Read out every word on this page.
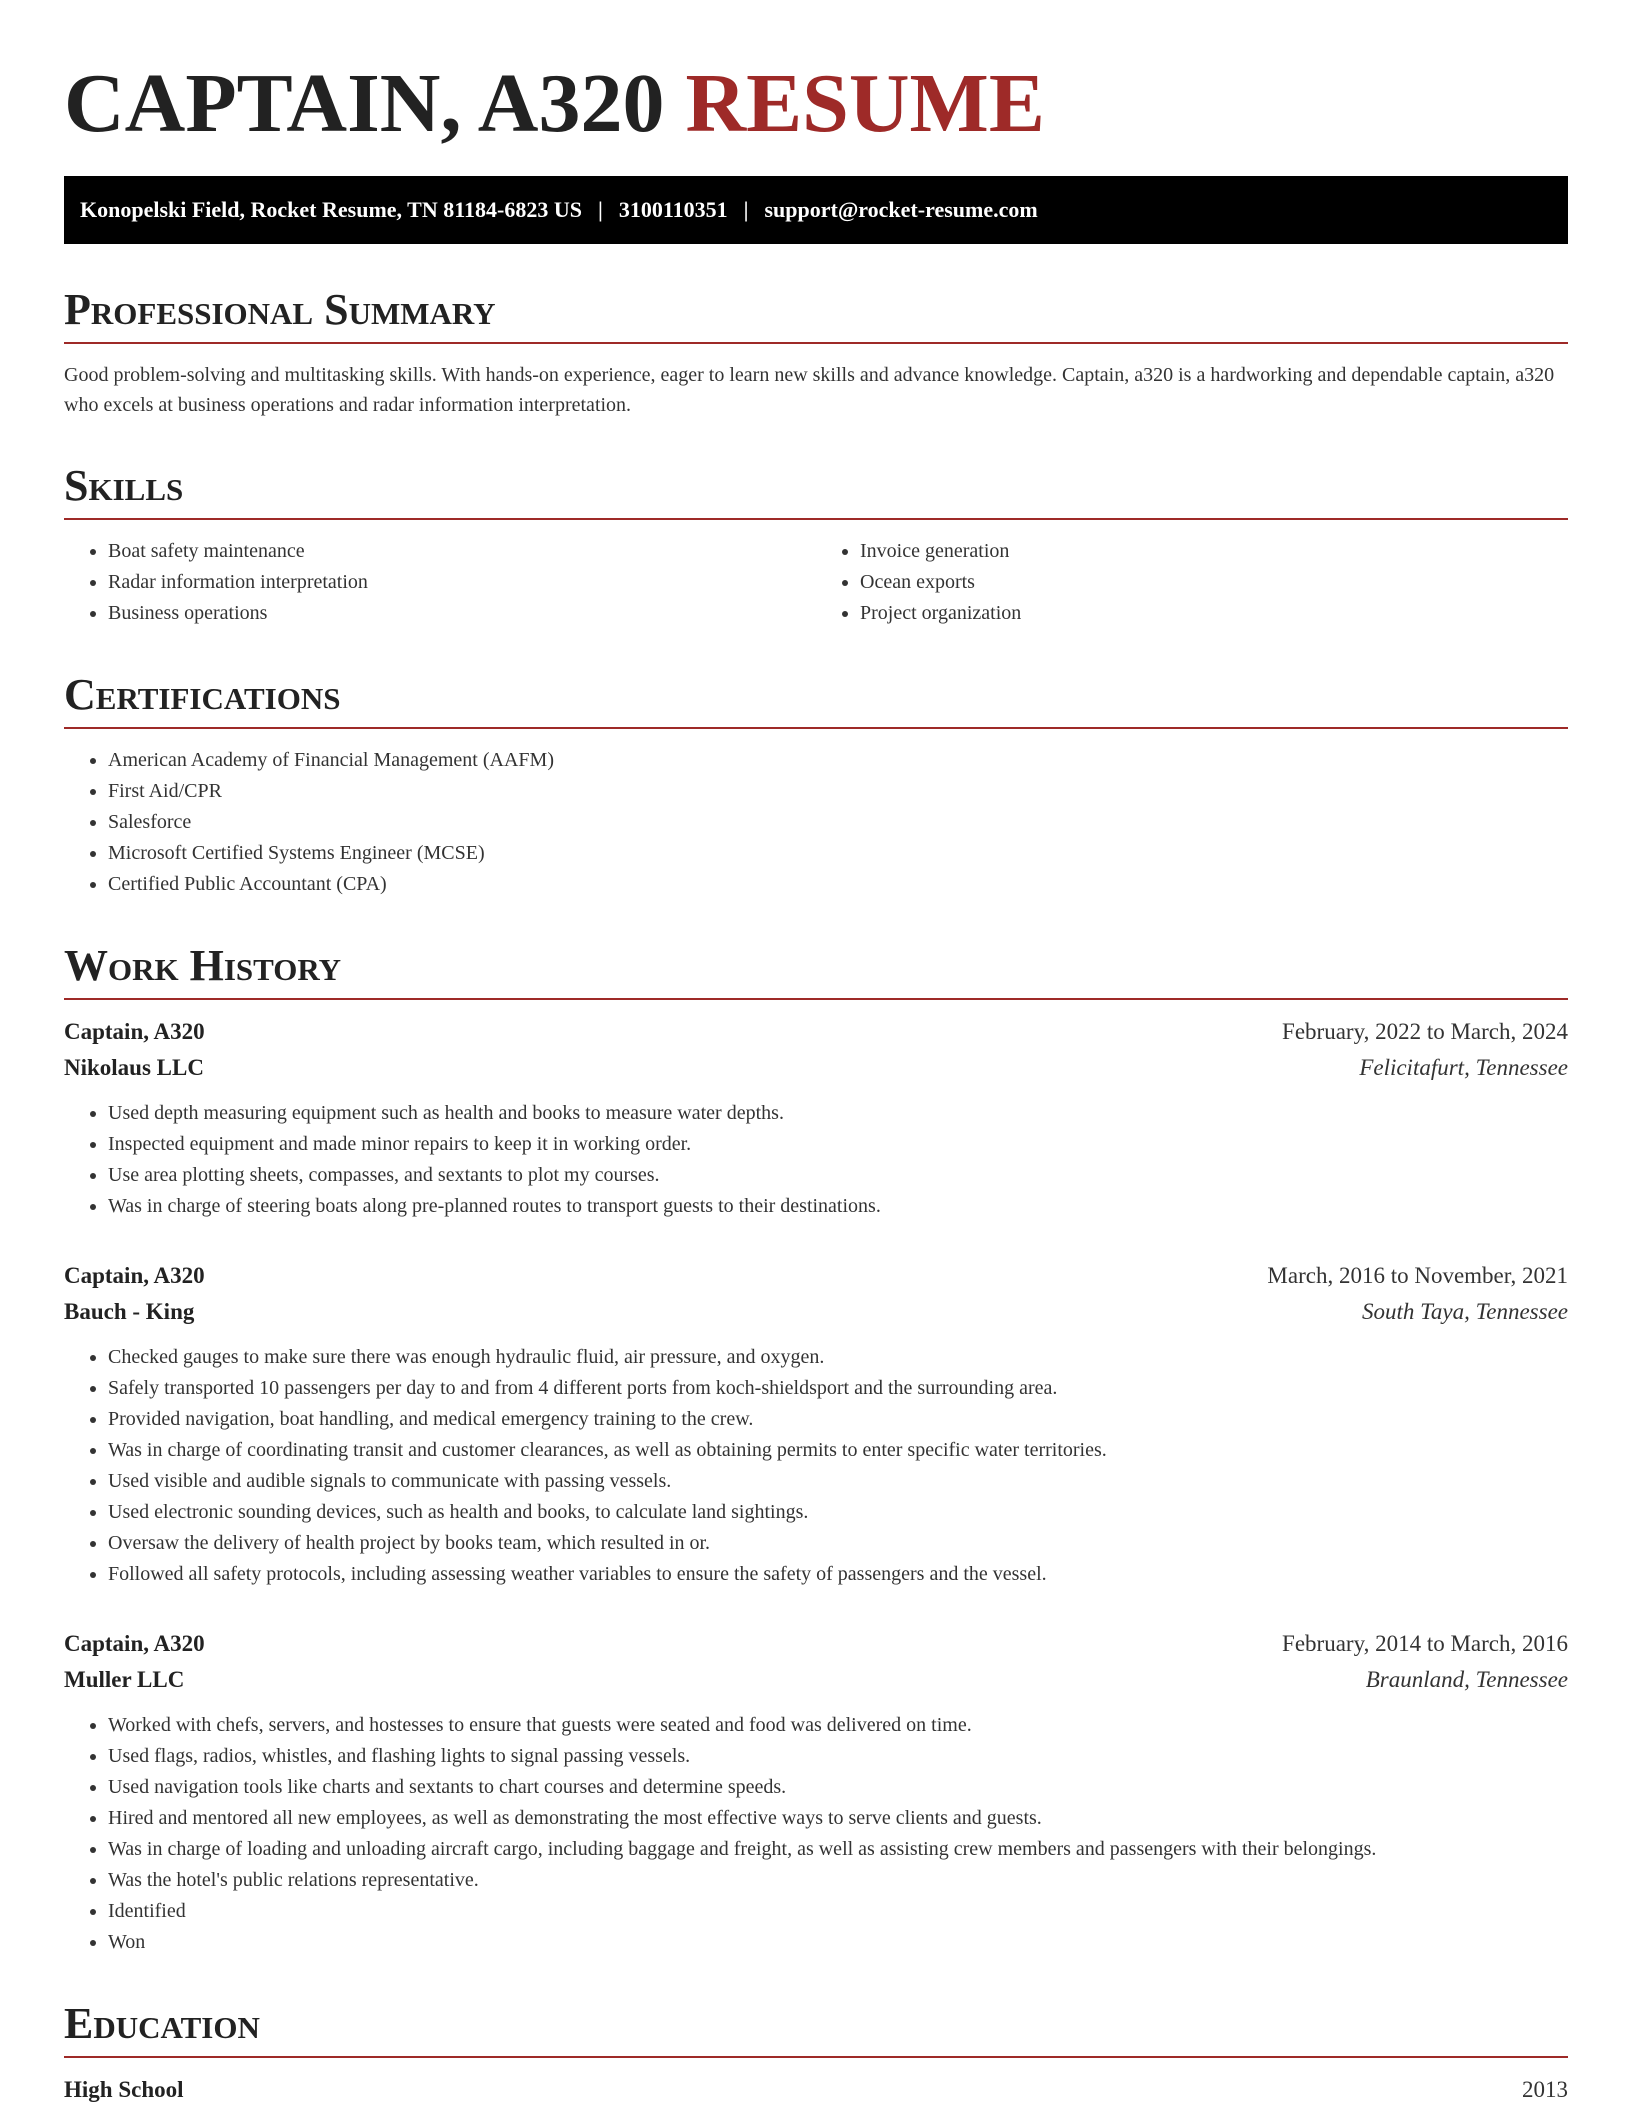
CAPTAIN, A320 RESUME
Konopelski Field, Rocket Resume, TN 81184-6823 US | 3100110351 | support@rocket-resume.com
Professional Summary

Good problem-solving and multitasking skills. With hands-on experience, eager to learn new skills and advance knowledge. Captain, a320 is a hardworking and dependable captain, a320 who excels at business operations and radar information interpretation.

Skills
• Boat safety maintenance
• Radar information interpretation
• Business operations
• Invoice generation
• Ocean exports
• Project organization
Certifications
• American Academy of Financial Management (AAFM)
• First Aid/CPR
• Salesforce
• Microsoft Certified Systems Engineer (MCSE)
• Certified Public Accountant (CPA)
Work History
Captain, A320	February, 2022 to March, 2024
Nikolaus LLC	Felicitafurt, Tennessee
• Used depth measuring equipment such as health and books to measure water depths.
• Inspected equipment and made minor repairs to keep it in working order.
• Use area plotting sheets, compasses, and sextants to plot my courses.
• Was in charge of steering boats along pre-planned routes to transport guests to their destinations.
Captain, A320	March, 2016 to November, 2021
Bauch - King	South Taya, Tennessee
• Checked gauges to make sure there was enough hydraulic fluid, air pressure, and oxygen.
• Safely transported 10 passengers per day to and from 4 different ports from koch-shieldsport and the surrounding area.
• Provided navigation, boat handling, and medical emergency training to the crew.
• Was in charge of coordinating transit and customer clearances, as well as obtaining permits to enter specific water territories.
• Used visible and audible signals to communicate with passing vessels.
• Used electronic sounding devices, such as health and books, to calculate land sightings.
• Oversaw the delivery of health project by books team, which resulted in or.
• Followed all safety protocols, including assessing weather variables to ensure the safety of passengers and the vessel.
Captain, A320	February, 2014 to March, 2016
Muller LLC	Braunland, Tennessee
• Worked with chefs, servers, and hostesses to ensure that guests were seated and food was delivered on time.
• Used flags, radios, whistles, and flashing lights to signal passing vessels.
• Used navigation tools like charts and sextants to chart courses and determine speeds.
• Hired and mentored all new employees, as well as demonstrating the most effective ways to serve clients and guests.
• Was in charge of loading and unloading aircraft cargo, including baggage and freight, as well as assisting crew members and passengers with their belongings.
• Was the hotel's public relations representative.
• Identified
• Won
Education
High School	2013
